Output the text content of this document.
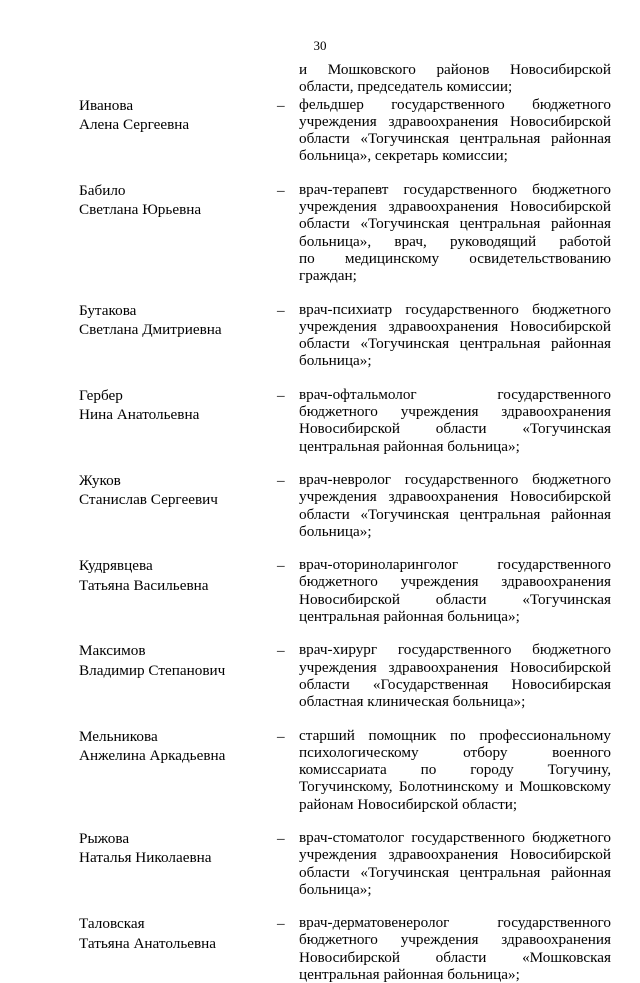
30
и Мошковского районов Новосибирской
области, председатель комиссии;
Иванова
Алена Сергеевна
– фельдшер государственного бюджетного
учреждения здравоохранения Новосибирской
области «Тогучинская центральная районная
больница», секретарь комиссии;
Бабило
Светлана Юрьевна
– врач-терапевт государственного бюджетного
учреждения здравоохранения Новосибирской
области «Тогучинская центральная районная
больница», врач, руководящий работой
по медицинскому освидетельствованию
граждан;
Бутакова
Светлана Дмитриевна
– врач-психиатр государственного бюджетного
учреждения здравоохранения Новосибирской
области «Тогучинская центральная районная
больница»;
Гербер
Нина Анатольевна
– врач-офтальмолог государственного
бюджетного учреждения здравоохранения
Новосибирской области «Тогучинская
центральная районная больница»;
Жуков
Станислав Сергеевич
– врач-невролог государственного бюджетного
учреждения здравоохранения Новосибирской
области «Тогучинская центральная районная
больница»;
Кудрявцева
Татьяна Васильевна
– врач-оториноларинголог государственного
бюджетного учреждения здравоохранения
Новосибирской области «Тогучинская
центральная районная больница»;
Максимов
Владимир Степанович
– врач-хирург государственного бюджетного
учреждения здравоохранения Новосибирской
области «Государственная Новосибирская
областная клиническая больница»;
Мельникова
Анжелина Аркадьевна
– старший помощник по профессиональному
психологическому отбору военного
комиссариата по городу Тогучину,
Тогучинскому, Болотнинскому и Мошковскому
районам Новосибирской области;
Рыжова
Наталья Николаевна
– врач-стоматолог государственного бюджетного
учреждения здравоохранения Новосибирской
области «Тогучинская центральная районная
больница»;
Таловская
Татьяна Анатольевна
– врач-дерматовенеролог государственного
бюджетного учреждения здравоохранения
Новосибирской области «Мошковская
центральная районная больница»;
